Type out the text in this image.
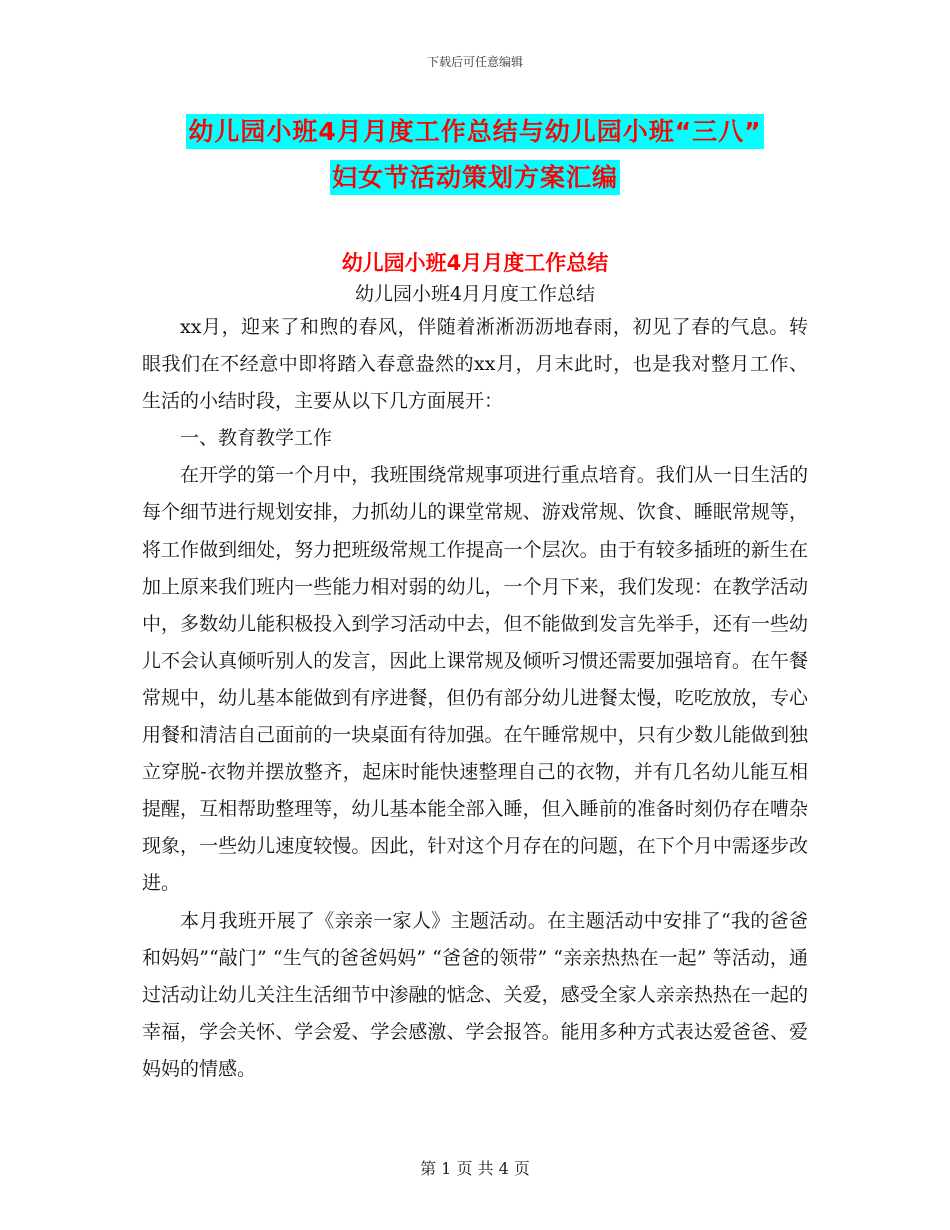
下载后可任意编辑
幼儿园小班4月月度工作总结与幼儿园小班“三八”
妇女节活动策划方案汇编
幼儿园小班4月月度工作总结
幼儿园小班4月月度工作总结

xx月，迎来了和煦的春风，伴随着淅淅沥沥地春雨，初见了春的气息。转眼我们在不经意中即将踏入春意盎然的xx月，月末此时，也是我对整月工作、生活的小结时段，主要从以下几方面展开：

一、教育教学工作

在开学的第一个月中，我班围绕常规事项进行重点培育。我们从一日生活的每个细节进行规划安排，力抓幼儿的课堂常规、游戏常规、饮食、睡眠常规等，将工作做到细处，努力把班级常规工作提高一个层次。由于有较多插班的新生在加上原来我们班内一些能力相对弱的幼儿，一个月下来，我们发现：在教学活动中，多数幼儿能积极投入到学习活动中去，但不能做到发言先举手，还有一些幼儿不会认真倾听别人的发言，因此上课常规及倾听习惯还需要加强培育。在午餐常规中，幼儿基本能做到有序进餐，但仍有部分幼儿进餐太慢，吃吃放放，专心用餐和清洁自己面前的一块桌面有待加强。在午睡常规中，只有少数儿能做到独立穿脱-衣物并摆放整齐，起床时能快速整理自己的衣物，并有几名幼儿能互相提醒，互相帮助整理等，幼儿基本能全部入睡，但入睡前的准备时刻仍存在嘈杂现象，一些幼儿速度较慢。因此，针对这个月存在的问题，在下个月中需逐步改进。

本月我班开展了《亲亲一家人》主题活动。在主题活动中安排了“我的爸爸和妈妈”“敲门” “生气的爸爸妈妈” “爸爸的领带” “亲亲热热在一起” 等活动，通过活动让幼儿关注生活细节中渗融的惦念、关爱，感受全家人亲亲热热在一起的幸福，学会关怀、学会爱、学会感激、学会报答。能用多种方式表达爱爸爸、爱妈妈的情感。

第 1 页 共 4 页
